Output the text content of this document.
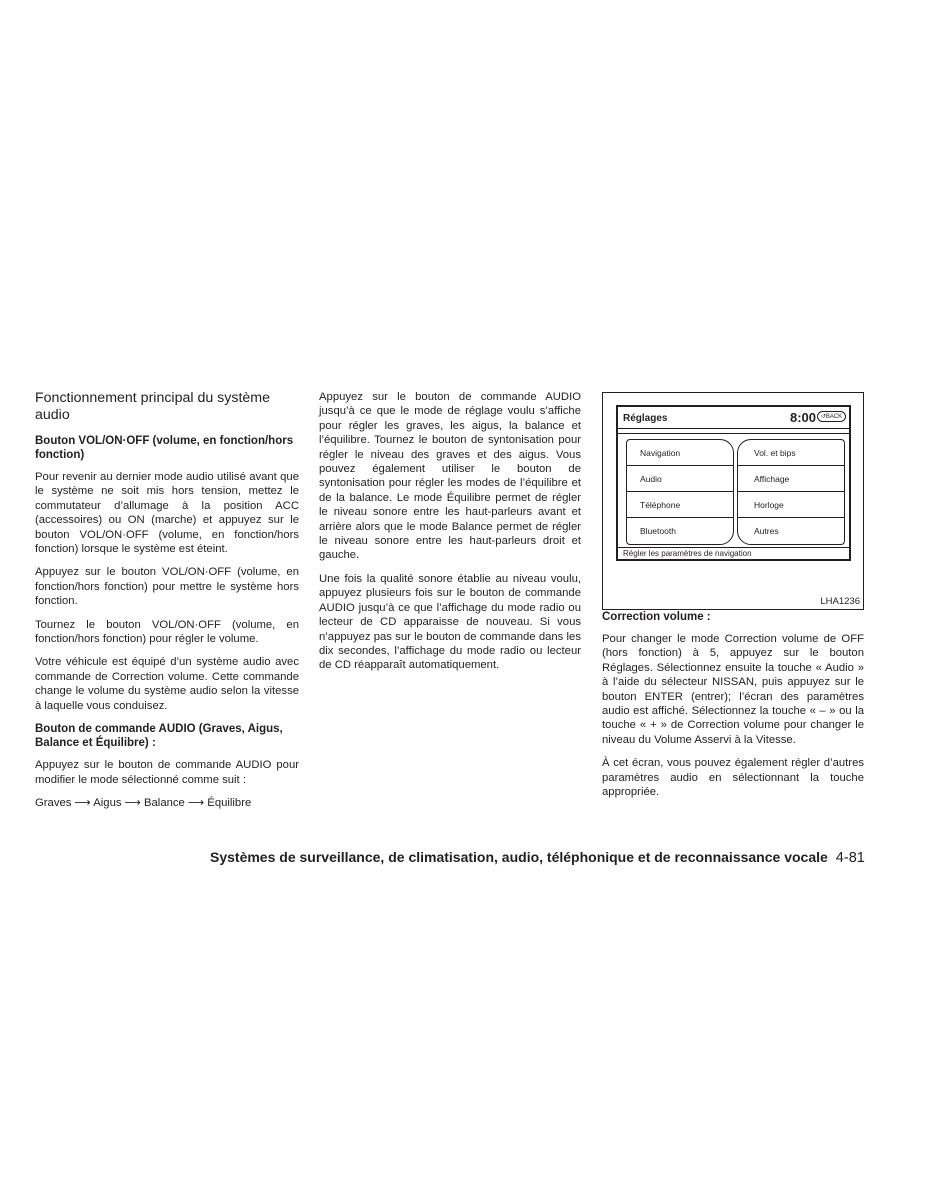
Fonctionnement principal du système audio
Bouton VOL/ON·OFF (volume, en fonction/hors fonction)

Pour revenir au dernier mode audio utilisé avant que le système ne soit mis hors tension, mettez le commutateur d’allumage à la position ACC (accessoires) ou ON (marche) et appuyez sur le bouton VOL/ON·OFF (volume, en fonction/hors fonction) lorsque le système est éteint.

Appuyez sur le bouton VOL/ON·OFF (volume, en fonction/hors fonction) pour mettre le système hors fonction.

Tournez le bouton VOL/ON·OFF (volume, en fonction/hors fonction) pour régler le volume.

Votre véhicule est équipé d’un système audio avec commande de Correction volume. Cette commande change le volume du système audio selon la vitesse à laquelle vous conduisez.

Bouton de commande AUDIO (Graves, Aigus, Balance et Équilibre) :

Appuyez sur le bouton de commande AUDIO pour modifier le mode sélectionné comme suit :

Graves ⟶ Aigus ⟶ Balance ⟶ Équilibre

Appuyez sur le bouton de commande AUDIO jusqu’à ce que le mode de réglage voulu s’affiche pour régler les graves, les aigus, la balance et l’équilibre. Tournez le bouton de syntonisation pour régler le niveau des graves et des aigus. Vous pouvez également utiliser le bouton de syntonisation pour régler les modes de l’équilibre et de la balance. Le mode Équilibre permet de régler le niveau sonore entre les haut-parleurs avant et arrière alors que le mode Balance permet de régler le niveau sonore entre les haut-parleurs droit et gauche.

Une fois la qualité sonore établie au niveau voulu, appuyez plusieurs fois sur le bouton de commande AUDIO jusqu’à ce que l’affichage du mode radio ou lecteur de CD apparaisse de nouveau. Si vous n’appuyez pas sur le bouton de commande dans les dix secondes, l’affichage du mode radio ou lecteur de CD réapparaît automatiquement.

Réglages	8:00 ↺BACK
Navigation
Audio
Téléphone
Bluetooth
Vol. et bips
Affichage
Horloge
Autres
Régler les paramètres de navigation
LHA1236
Correction volume :

Pour changer le mode Correction volume de OFF (hors fonction) à 5, appuyez sur le bouton Réglages. Sélectionnez ensuite la touche « Audio » à l’aide du sélecteur NISSAN, puis appuyez sur le bouton ENTER (entrer); l’écran des paramètres audio est affiché. Sélectionnez la touche « – » ou la touche « + » de Correction volume pour changer le niveau du Volume Asservi à la Vitesse.

À cet écran, vous pouvez également régler d’autres paramètres audio en sélectionnant la touche appropriée.

Systèmes de surveillance, de climatisation, audio, téléphonique et de reconnaissance vocale 4-81
